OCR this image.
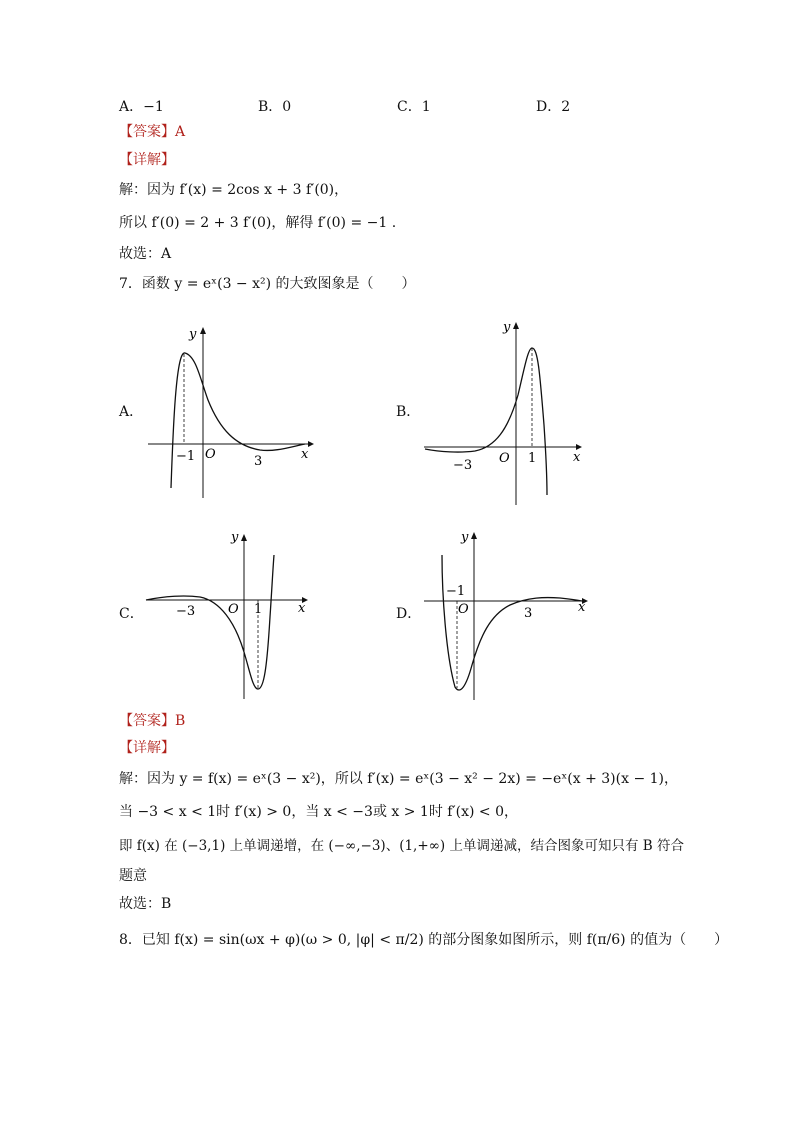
A．−1	B．0	C．1	D．2
【答案】A
【详解】
解：因为 f′(x) = 2cos x + 3 f′(0)，
所以 f′(0) = 2 + 3 f′(0)，解得 f′(0) = −1 .
故选：A
7．函数 y = eˣ(3 − x²) 的大致图象是（　　）
A．	B．
C．	D．
−1 O	3	x
y
−3 O 1	x
y
−3	O 1	x
y
−1
O	3	x
y
【答案】B
【详解】
解：因为 y = f(x) = eˣ(3 − x²)，所以 f′(x) = eˣ(3 − x² − 2x) = −eˣ(x + 3)(x − 1)，
当 −3 < x < 1时 f′(x) > 0，当 x < −3或 x > 1时 f′(x) < 0，
即 f(x) 在 (−3,1) 上单调递增，在 (−∞,−3)、(1,+∞) 上单调递减，结合图象可知只有 B 符合
题意
故选：B
8．已知 f(x) = sin(ωx + φ)(ω > 0, |φ| < π/2) 的部分图象如图所示，则 f(π/6) 的值为（　　）
